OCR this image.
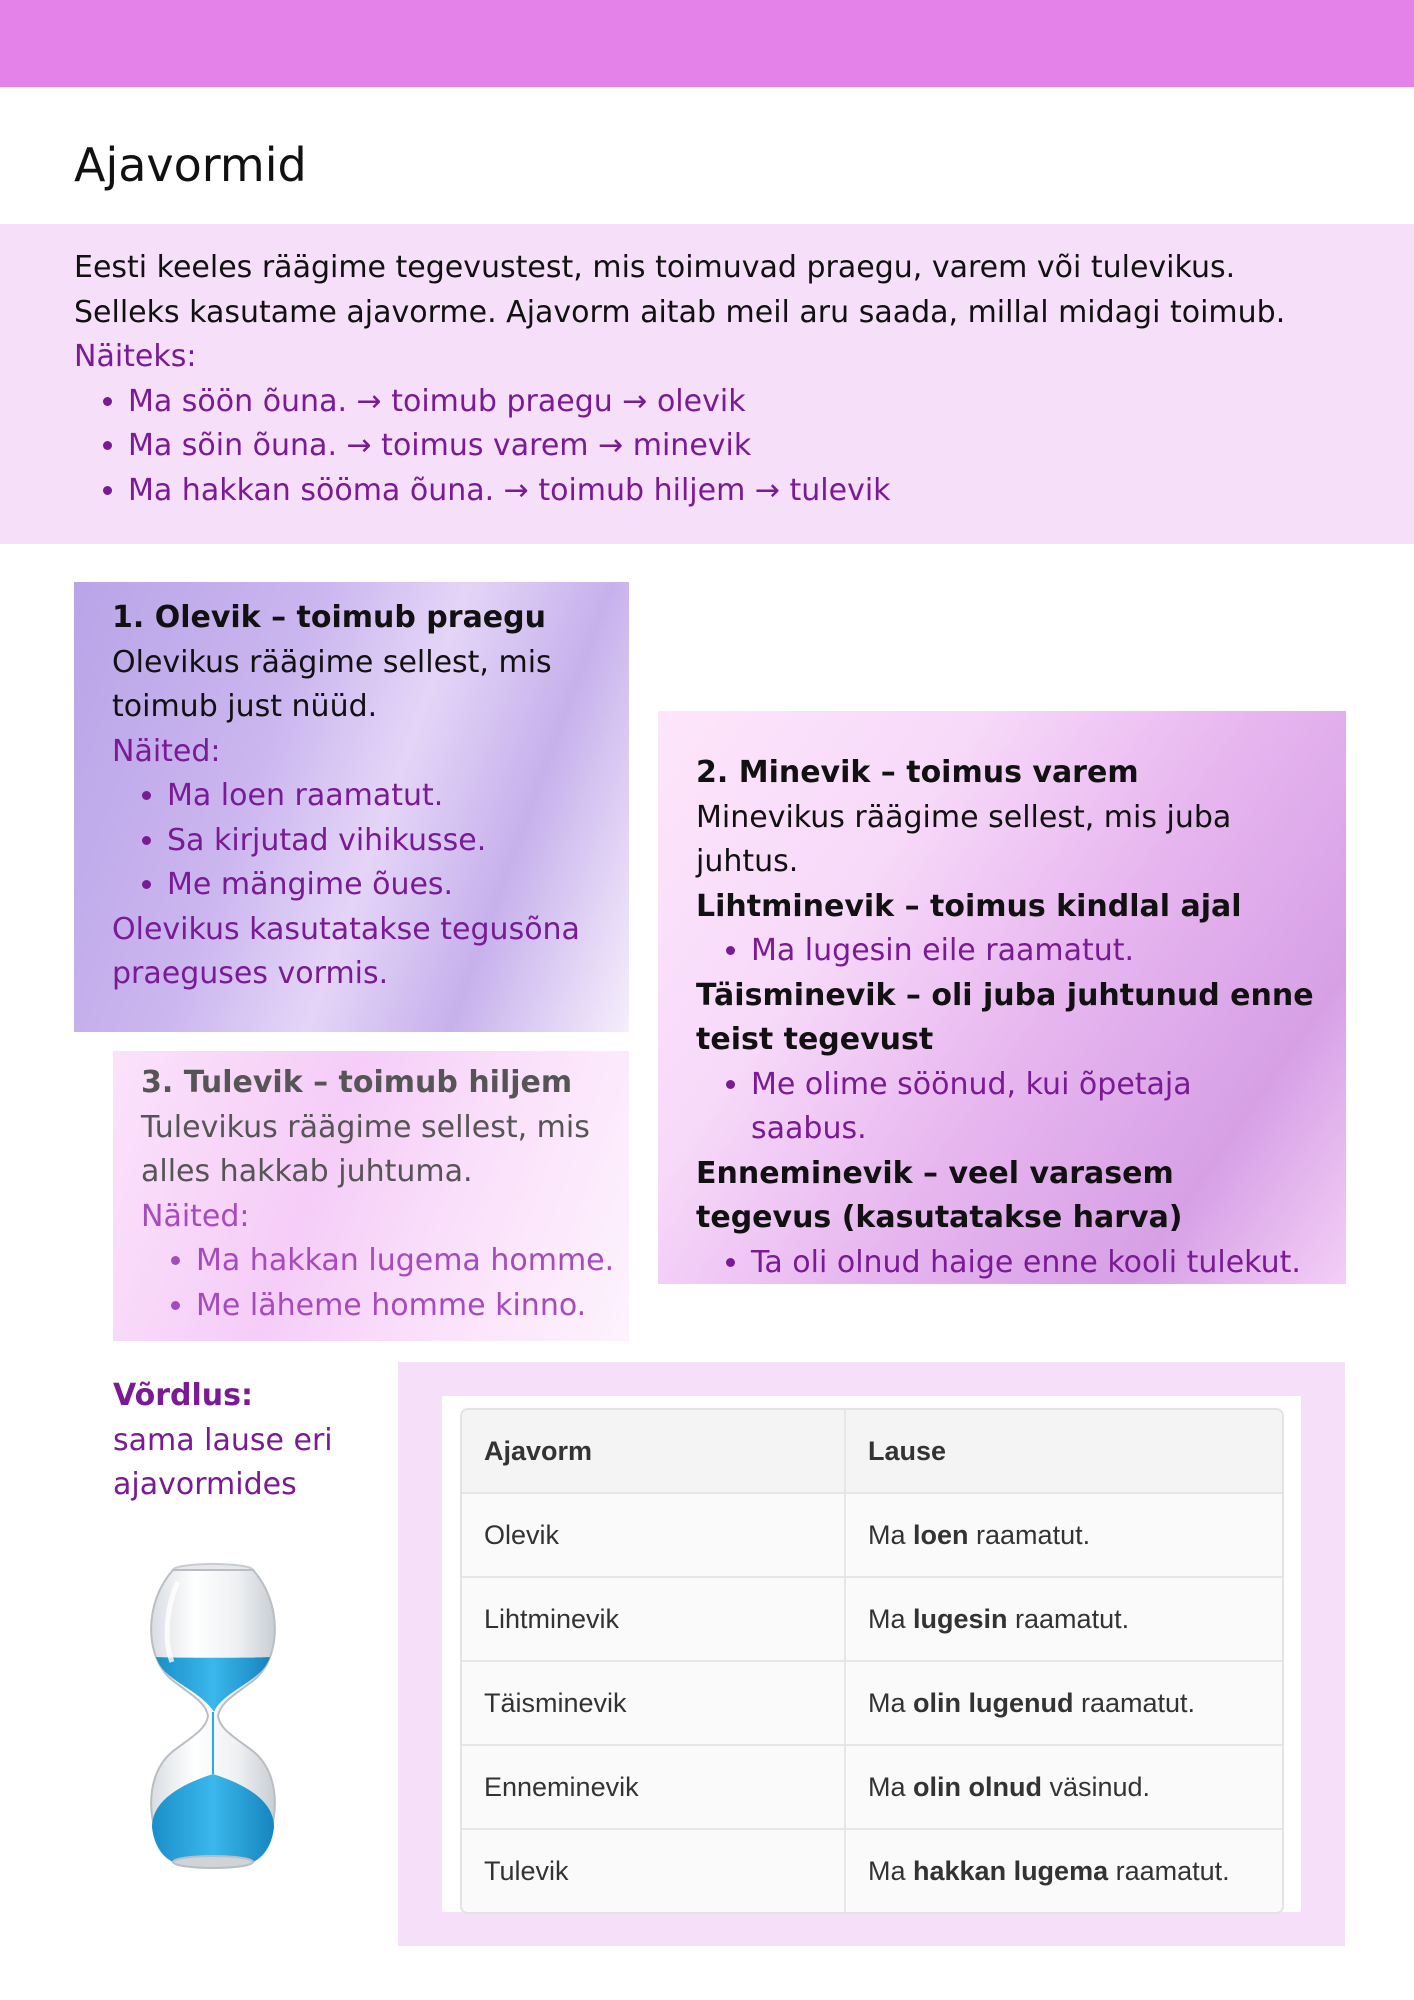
Ajavormid
Eesti keeles räägime tegevustest, mis toimuvad praegu, varem või tulevikus. Selleks kasutame ajavorme. Ajavorm aitab meil aru saada, millal midagi toimub.
Näiteks:
• Ma söön õuna. → toimub praegu → olevik
• Ma sõin õuna. → toimus varem → minevik
• Ma hakkan sööma õuna. → toimub hiljem → tulevik
1. Olevik – toimub praegu
Olevikus räägime sellest, mis toimub just nüüd.
Näited:
• Ma loen raamatut.
• Sa kirjutad vihikusse.
• Me mängime õues.
Olevikus kasutatakse tegusõna praeguses vormis.
2. Minevik – toimus varem
Minevikus räägime sellest, mis juba juhtus.
Lihtminevik – toimus kindlal ajal
• Ma lugesin eile raamatut.
Täisminevik – oli juba juhtunud enne teist tegevust
• Me olime söönud, kui õpetaja saabus.
Enneminevik – veel varasem tegevus (kasutatakse harva)
• Ta oli olnud haige enne kooli tulekut.
3. Tulevik – toimub hiljem
Tulevikus räägime sellest, mis alles hakkab juhtuma.
Näited:
• Ma hakkan lugema homme.
• Me läheme homme kinno.
Võrdlus:
sama lause eri ajavormides
Ajavorm	Lause
Olevik	Ma loen raamatut.
Lihtminevik	Ma lugesin raamatut.
Täisminevik	Ma olin lugenud raamatut.
Enneminevik	Ma olin olnud väsinud.
Tulevik	Ma hakkan lugema raamatut.
